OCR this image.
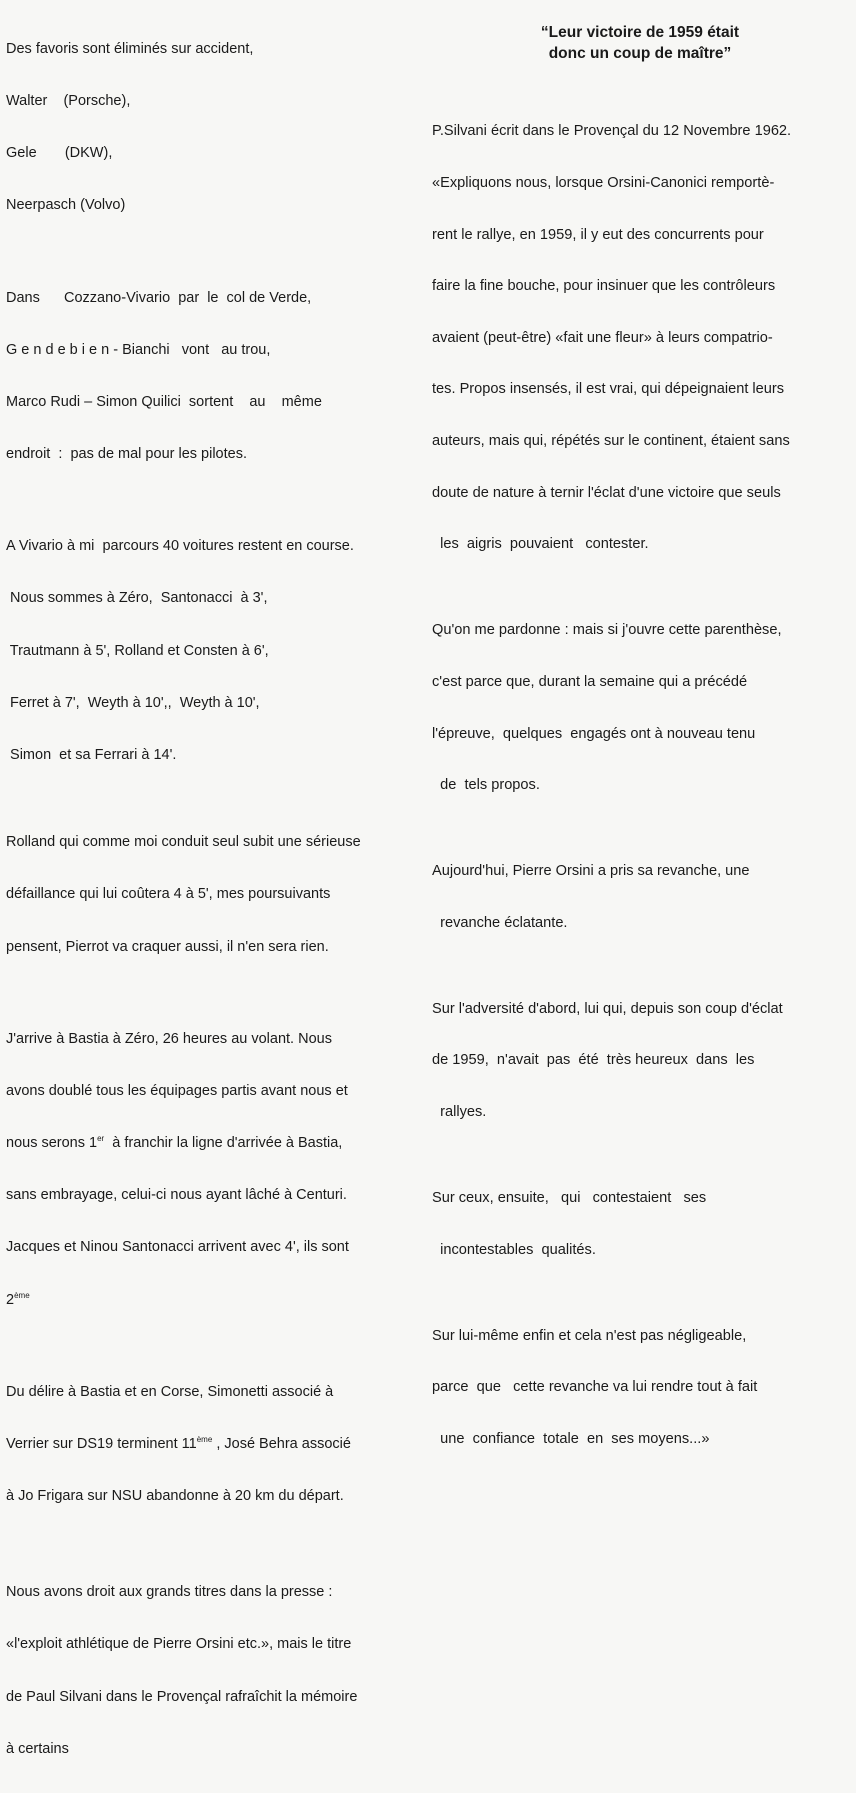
Des favoris sont éliminés sur accident,

Walter    (Porsche),

Gele       (DKW),

Neerpasch (Volvo)

Dans      Cozzano-Vivario  par  le  col de Verde,

G e n d e b i e n - Bianchi   vont   au trou,

Marco Rudi – Simon Quilici  sortent    au    même

endroit  :  pas de mal pour les pilotes.

A Vivario à mi  parcours 40 voitures restent en course.

Nous sommes à Zéro,  Santonacci  à 3',

Trautmann à 5', Rolland et Consten à 6',

Ferret à 7',  Weyth à 10',,  Weyth à 10',

Simon  et sa Ferrari à 14'.

Rolland qui comme moi conduit seul subit une sérieuse

défaillance qui lui coûtera 4 à 5', mes poursuivants

pensent, Pierrot va craquer aussi, il n'en sera rien.

J'arrive à Bastia à Zéro, 26 heures au volant. Nous

avons doublé tous les équipages partis avant nous et

nous serons 1er  à franchir la ligne d'arrivée à Bastia,

sans embrayage, celui-ci nous ayant lâché à Centuri.

Jacques et Ninou Santonacci arrivent avec 4', ils sont

2ème

Du délire à Bastia et en Corse, Simonetti associé à

Verrier sur DS19 terminent 11ème , José Behra associé

à Jo Frigara sur NSU abandonne à 20 km du départ.

Nous avons droit aux grands titres dans la presse :

«l'exploit athlétique de Pierre Orsini etc.», mais le titre

de Paul Silvani dans le Provençal rafraîchit la mémoire

à certains

“Leur victoire de 1959 était
donc un coup de maître”

P.Silvani écrit dans le Provençal du 12 Novembre 1962.

«Expliquons nous, lorsque Orsini-Canonici remportè-

rent le rallye, en 1959, il y eut des concurrents pour

faire la fine bouche, pour insinuer que les contrôleurs

avaient (peut-être) «fait une fleur» à leurs compatrio-

tes. Propos insensés, il est vrai, qui dépeignaient leurs

auteurs, mais qui, répétés sur le continent, étaient sans

doute de nature à ternir l'éclat d'une victoire que seuls

les  aigris  pouvaient   contester.

Qu'on me pardonne : mais si j'ouvre cette parenthèse,

c'est parce que, durant la semaine qui a précédé

l'épreuve,  quelques  engagés ont à nouveau tenu

de  tels propos.

Aujourd'hui, Pierre Orsini a pris sa revanche, une

revanche éclatante.

Sur l'adversité d'abord, lui qui, depuis son coup d'éclat

de 1959,  n'avait  pas  été  très heureux  dans  les

rallyes.

Sur ceux, ensuite,   qui   contestaient   ses

incontestables  qualités.

Sur lui-même enfin et cela n'est pas négligeable,

parce  que   cette revanche va lui rendre tout à fait

une  confiance  totale  en  ses moyens...»
